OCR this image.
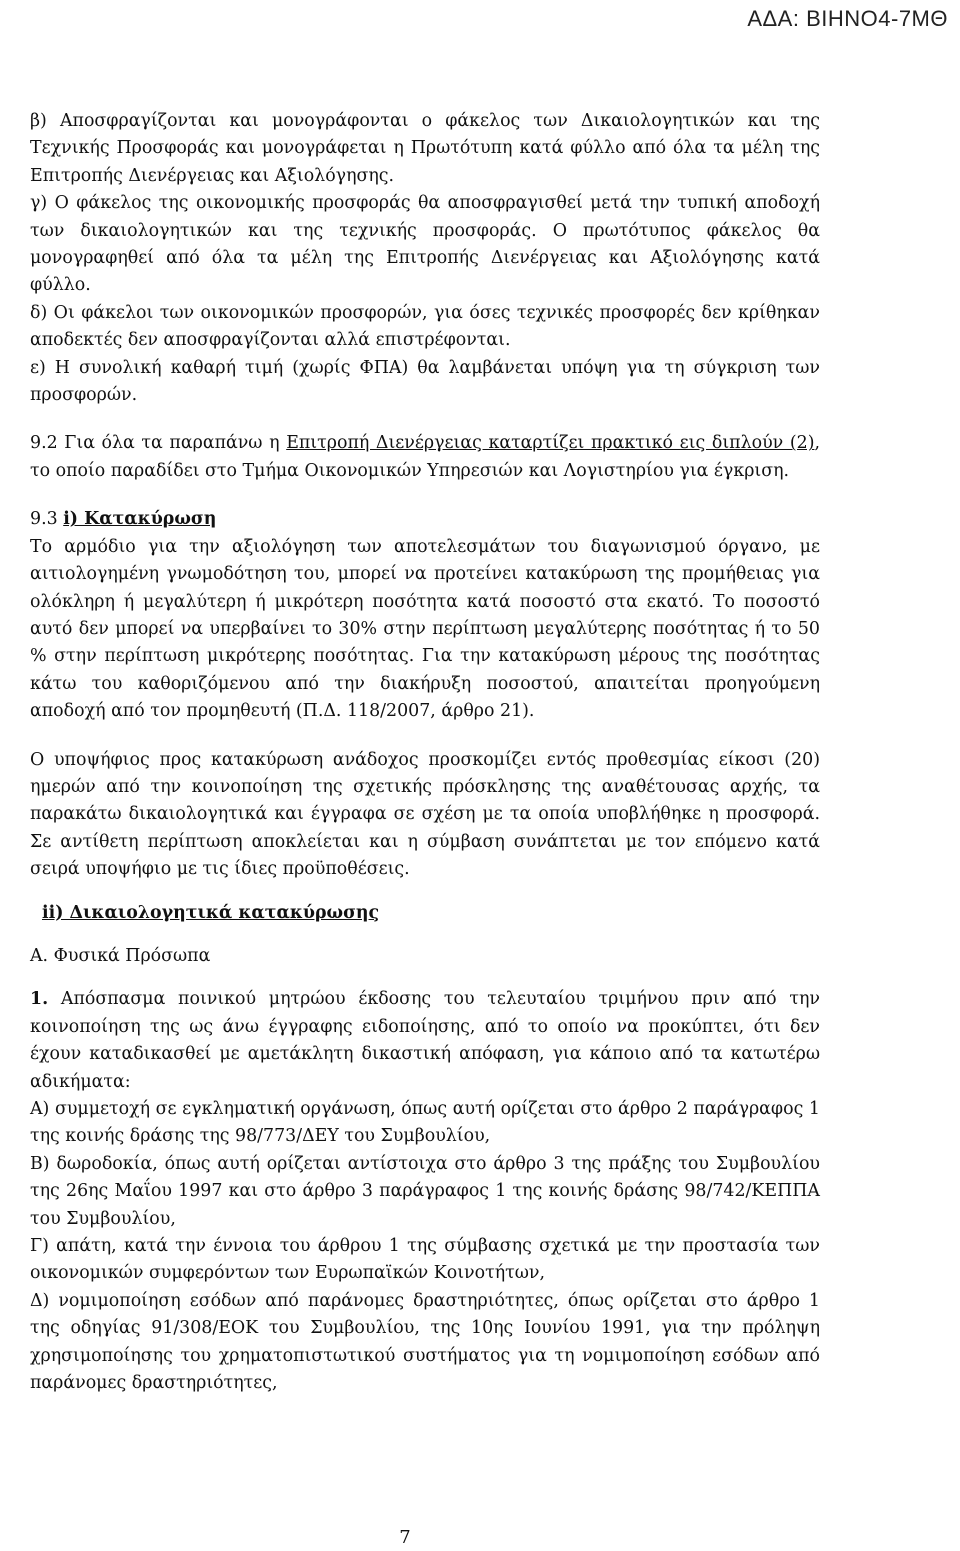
ΑΔΑ: ΒΙΗΝΟ4-7ΜΘ

β) Αποσφραγίζονται και μονογράφονται ο φάκελος των Δικαιολογητικών και της Τεχνικής Προσφοράς και μονογράφεται η Πρωτότυπη κατά φύλλο από όλα τα μέλη της Επιτροπής Διενέργειας και Αξιολόγησης.

γ) Ο φάκελος της οικονομικής προσφοράς θα αποσφραγισθεί μετά την τυπική αποδοχή των δικαιολογητικών και της τεχνικής προσφοράς. Ο πρωτότυπος φάκελος θα μονογραφηθεί από όλα τα μέλη της Επιτροπής Διενέργειας και Αξιολόγησης κατά φύλλο.

δ) Οι φάκελοι των οικονομικών προσφορών, για όσες τεχνικές προσφορές δεν κρίθηκαν αποδεκτές δεν αποσφραγίζονται αλλά επιστρέφονται.

ε) Η συνολική καθαρή τιμή (χωρίς ΦΠΑ) θα λαμβάνεται υπόψη για τη σύγκριση των προσφορών.

9.2 Για όλα τα παραπάνω η Επιτροπή Διενέργειας καταρτίζει πρακτικό εις διπλούν (2), το οποίο παραδίδει στο Τμήμα Οικονομικών Υπηρεσιών και Λογιστηρίου για έγκριση.

9.3 i) Κατακύρωση

Το αρμόδιο για την αξιολόγηση των αποτελεσμάτων του διαγωνισμού όργανο, με αιτιολογημένη γνωμοδότηση του, μπορεί να προτείνει κατακύρωση της προμήθειας για ολόκληρη ή μεγαλύτερη ή μικρότερη ποσότητα κατά ποσοστό στα εκατό. Το ποσοστό αυτό δεν μπορεί να υπερβαίνει το 30% στην περίπτωση μεγαλύτερης ποσότητας ή το 50 % στην περίπτωση μικρότερης ποσότητας. Για την κατακύρωση μέρους της ποσότητας κάτω του καθοριζόμενου από την διακήρυξη ποσοστού, απαιτείται προηγούμενη αποδοχή από τον προμηθευτή (Π.Δ. 118/2007, άρθρο 21).

Ο υποψήφιος προς κατακύρωση ανάδοχος προσκομίζει εντός προθεσμίας είκοσι (20) ημερών από την κοινοποίηση της σχετικής πρόσκλησης της αναθέτουσας αρχής, τα παρακάτω δικαιολογητικά και έγγραφα σε σχέση με τα οποία υποβλήθηκε η προσφορά. Σε αντίθετη περίπτωση αποκλείεται και η σύμβαση συνάπτεται με τον επόμενο κατά σειρά υποψήφιο με τις ίδιες προϋποθέσεις.

ii) Δικαιολογητικά κατακύρωσης

Α. Φυσικά Πρόσωπα

1. Απόσπασμα ποινικού μητρώου έκδοσης του τελευταίου τριμήνου πριν από την κοινοποίηση της ως άνω έγγραφης ειδοποίησης, από το οποίο να προκύπτει, ότι δεν έχουν καταδικασθεί με αμετάκλητη δικαστική απόφαση, για κάποιο από τα κατωτέρω αδικήματα:

Α) συμμετοχή σε εγκληματική οργάνωση, όπως αυτή ορίζεται στο άρθρο 2 παράγραφος 1 της κοινής δράσης της 98/773/ΔΕΥ του Συμβουλίου,

Β) δωροδοκία, όπως αυτή ορίζεται αντίστοιχα στο άρθρο 3 της πράξης του Συμβουλίου της 26ης Μαΐου 1997 και στο άρθρο 3 παράγραφος 1 της κοινής δράσης 98/742/ΚΕΠΠΑ του Συμβουλίου,

Γ) απάτη, κατά την έννοια του άρθρου 1 της σύμβασης σχετικά με την προστασία των οικονομικών συμφερόντων των Ευρωπαϊκών Κοινοτήτων,

Δ) νομιμοποίηση εσόδων από παράνομες δραστηριότητες, όπως ορίζεται στο άρθρο 1 της οδηγίας 91/308/ΕΟΚ του Συμβουλίου, της 10ης Ιουνίου 1991, για την πρόληψη χρησιμοποίησης του χρηματοπιστωτικού συστήματος για τη νομιμοποίηση εσόδων από παράνομες δραστηριότητες,

7
